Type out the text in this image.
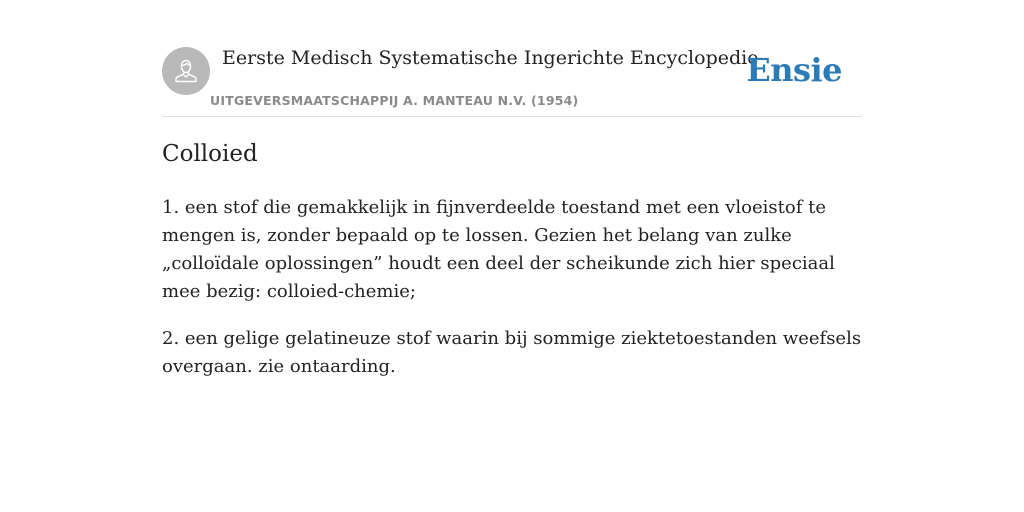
Eerste Medisch Systematische Ingerichte Encyclopedie
UITGEVERSMAATSCHAPPIJ A. MANTEAU N.V. (1954)
Ensie
Colloied

1. een stof die gemakkelijk in fijnverdeelde toestand met een vloeistof te mengen is, zonder bepaald op te lossen. Gezien het belang van zulke „colloïdale oplossingen” houdt een deel der scheikunde zich hier speciaal mee bezig: colloied-chemie;

2. een gelige gelatineuze stof waarin bij sommige ziektetoestanden weefsels overgaan. zie ontaarding.
